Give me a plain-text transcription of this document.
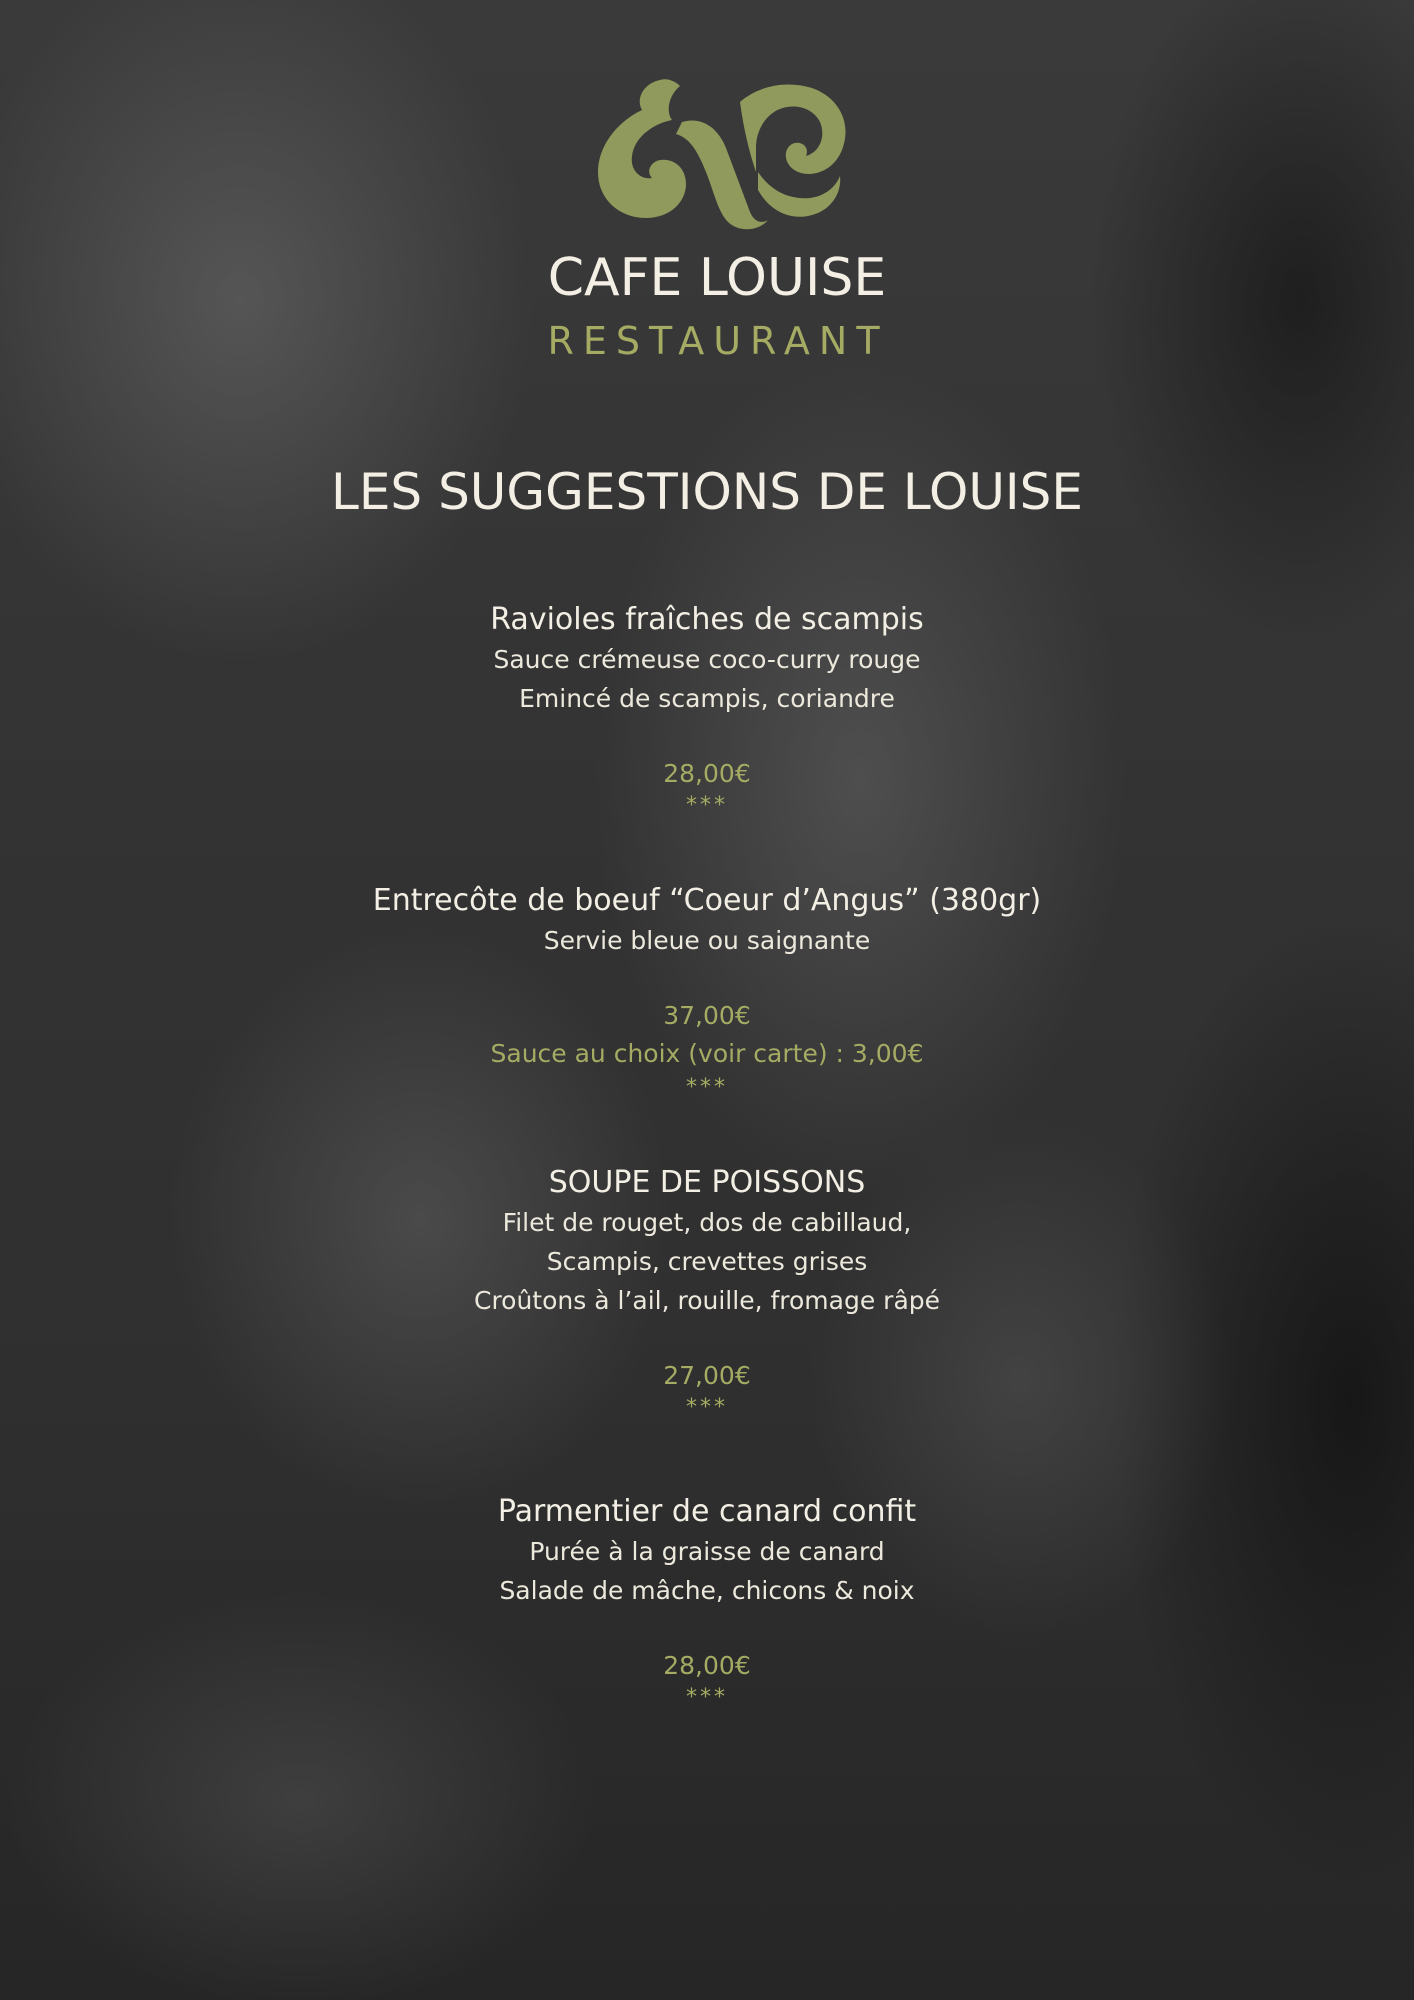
CAFE LOUISE
RESTAURANT
LES SUGGESTIONS DE LOUISE
Ravioles fraîches de scampis
Sauce crémeuse coco-curry rouge
Emincé de scampis, coriandre
28,00€
***
Entrecôte de boeuf “Coeur d’Angus” (380gr)
Servie bleue ou saignante
37,00€
Sauce au choix (voir carte) : 3,00€
***
SOUPE DE POISSONS
Filet de rouget, dos de cabillaud,
Scampis, crevettes grises
Croûtons à l’ail, rouille, fromage râpé
27,00€
***
Parmentier de canard confit
Purée à la graisse de canard
Salade de mâche, chicons & noix
28,00€
***
